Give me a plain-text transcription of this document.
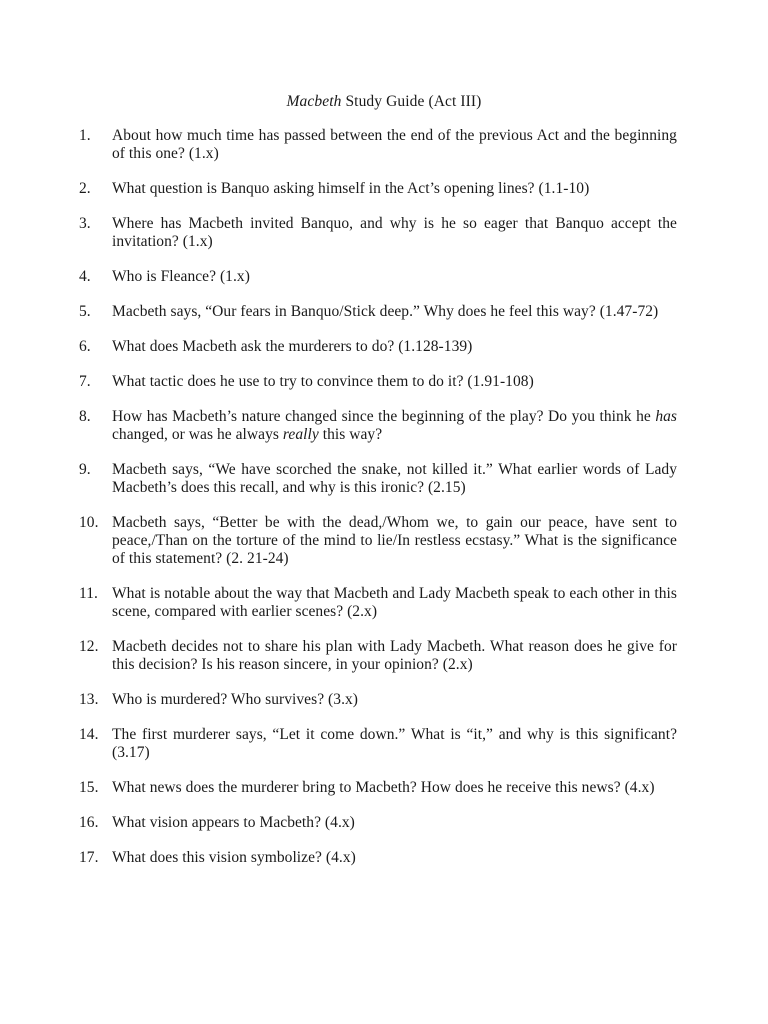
Macbeth Study Guide (Act III)
1.	About how much time has passed between the end of the previous Act and the beginning of this one? (1.x)
2.	What question is Banquo asking himself in the Act’s opening lines? (1.1-10)
3.	Where has Macbeth invited Banquo, and why is he so eager that Banquo accept the invitation? (1.x)
4.	Who is Fleance? (1.x)
5.	Macbeth says, “Our fears in Banquo/Stick deep.” Why does he feel this way? (1.47-72)
6.	What does Macbeth ask the murderers to do? (1.128-139)
7.	What tactic does he use to try to convince them to do it? (1.91-108)
8.	How has Macbeth’s nature changed since the beginning of the play? Do you think he has changed, or was he always really this way?
9.	Macbeth says, “We have scorched the snake, not killed it.” What earlier words of Lady Macbeth’s does this recall, and why is this ironic? (2.15)
10. Macbeth says, “Better be with the dead,/Whom we, to gain our peace, have sent to peace,/Than on the torture of the mind to lie/In restless ecstasy.” What is the significance of this statement? (2. 21-24)
11. What is notable about the way that Macbeth and Lady Macbeth speak to each other in this scene, compared with earlier scenes? (2.x)
12. Macbeth decides not to share his plan with Lady Macbeth. What reason does he give for this decision? Is his reason sincere, in your opinion? (2.x)
13. Who is murdered? Who survives? (3.x)
14. The first murderer says, “Let it come down.” What is “it,” and why is this significant? (3.17)
15. What news does the murderer bring to Macbeth? How does he receive this news? (4.x)
16. What vision appears to Macbeth? (4.x)
17. What does this vision symbolize? (4.x)
